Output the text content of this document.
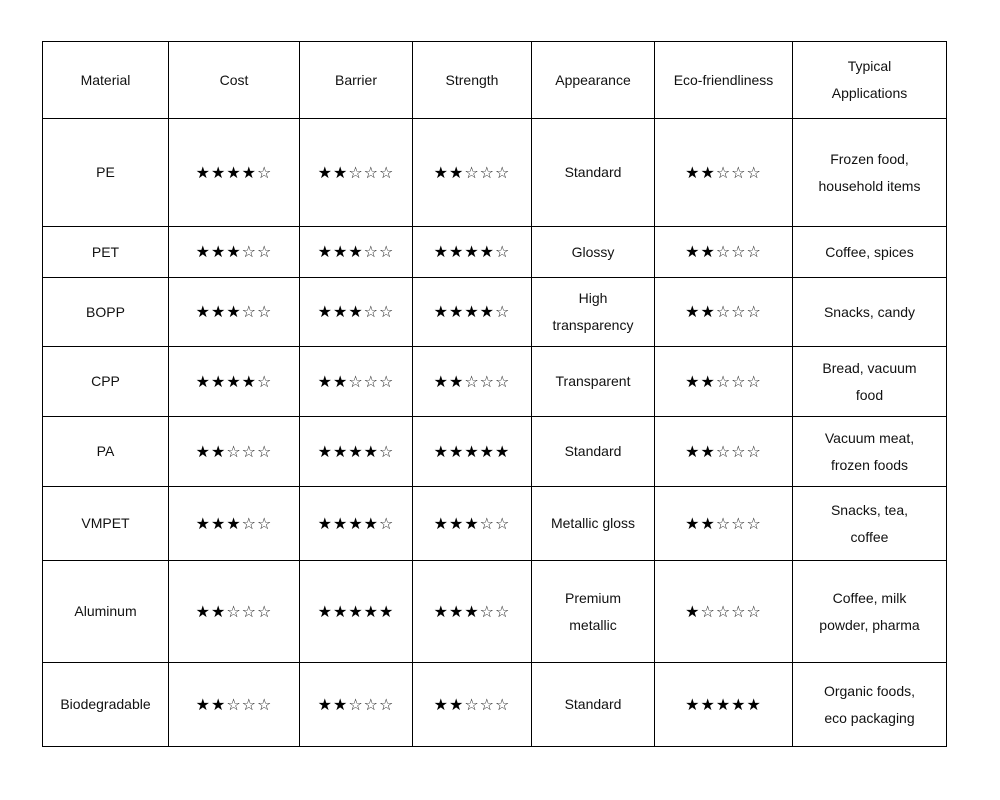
Material	Cost	Barrier	Strength	Appearance	Eco-friendliness	Typical Applications

PE	★★★★☆	★★☆☆☆	★★☆☆☆	Standard	★★☆☆☆	Frozen food, household items

PET	★★★☆☆	★★★☆☆	★★★★☆	Glossy	★★☆☆☆	Coffee, spices

BOPP	★★★☆☆	★★★☆☆	★★★★☆	High transparency	★★☆☆☆	Snacks, candy

CPP	★★★★☆	★★☆☆☆	★★☆☆☆	Transparent	★★☆☆☆	Bread, vacuum food

PA	★★☆☆☆	★★★★☆	★★★★★	Standard	★★☆☆☆	Vacuum meat, frozen foods

VMPET	★★★☆☆	★★★★☆	★★★☆☆	Metallic gloss	★★☆☆☆	Snacks, tea, coffee

Aluminum	★★☆☆☆	★★★★★	★★★☆☆	Premium metallic	★☆☆☆☆	Coffee, milk powder, pharma

Biodegradable	★★☆☆☆	★★☆☆☆	★★☆☆☆	Standard	★★★★★	Organic foods, eco packaging
